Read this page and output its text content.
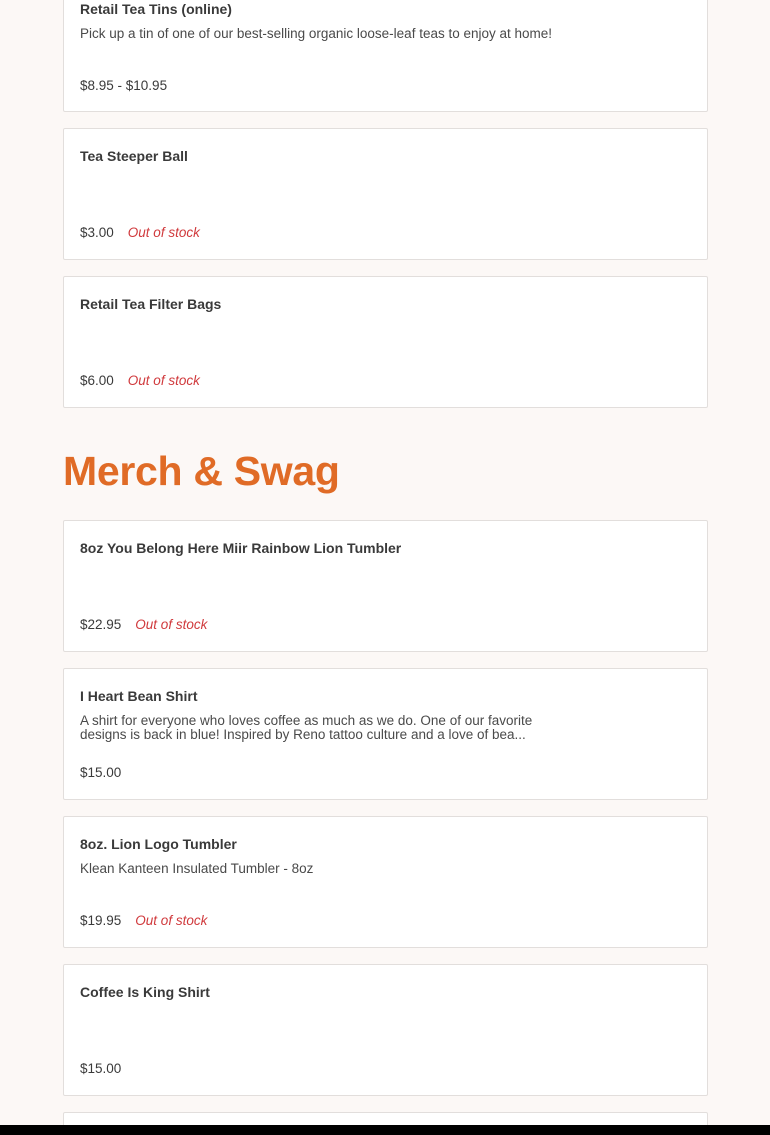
Retail Tea Tins (online)
Pick up a tin of one of our best-selling organic loose-leaf teas to enjoy at home!
$8.95 - $10.95
Tea Steeper Ball
$3.00 Out of stock
Retail Tea Filter Bags
$6.00 Out of stock
Merch & Swag
8oz You Belong Here Miir Rainbow Lion Tumbler
$22.95 Out of stock
I Heart Bean Shirt
A shirt for everyone who loves coffee as much as we do. One of our favorite designs is back in blue! Inspired by Reno tattoo culture and a love of bea...
$15.00
8oz. Lion Logo Tumbler
Klean Kanteen Insulated Tumbler - 8oz
$19.95 Out of stock
Coffee Is King Shirt
$15.00
